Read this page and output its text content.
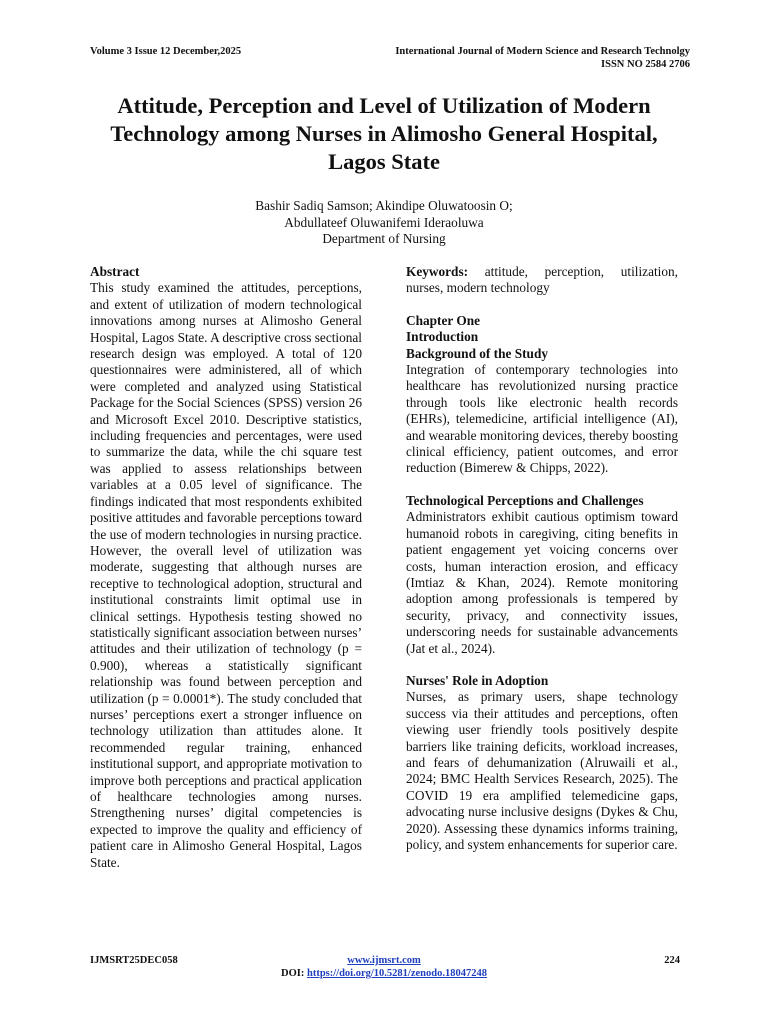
Volume 3 Issue 12 December,2025	International Journal of Modern Science and Research Technolgy
ISSN NO 2584 2706
Attitude, Perception and Level of Utilization of Modern
Technology among Nurses in Alimosho General Hospital,
Lagos State
Bashir Sadiq Samson; Akindipe Oluwatoosin O;
Abdullateef Oluwanifemi Ideraoluwa
Department of Nursing
Abstract

This study examined the attitudes, perceptions, and extent of utilization of modern technological innovations among nurses at Alimosho General Hospital, Lagos State. A descriptive cross sectional research design was employed. A total of 120 questionnaires were administered, all of which were completed and analyzed using Statistical Package for the Social Sciences (SPSS) version 26 and Microsoft Excel 2010. Descriptive statistics, including frequencies and percentages, were used to summarize the data, while the chi square test was applied to assess relationships between variables at a 0.05 level of significance. The findings indicated that most respondents exhibited positive attitudes and favorable perceptions toward the use of modern technologies in nursing practice. However, the overall level of utilization was moderate, suggesting that although nurses are receptive to technological adoption, structural and institutional constraints limit optimal use in clinical settings. Hypothesis testing showed no statistically significant association between nurses’ attitudes and their utilization of technology (p = 0.900), whereas a statistically significant relationship was found between perception and utilization (p = 0.0001*). The study concluded that nurses’ perceptions exert a stronger influence on technology utilization than attitudes alone. It recommended regular training, enhanced institutional support, and appropriate motivation to improve both perceptions and practical application of healthcare technologies among nurses. Strengthening nurses’ digital competencies is expected to improve the quality and efficiency of patient care in Alimosho General Hospital, Lagos State.

Keywords: attitude, perception, utilization, nurses, modern technology

Chapter One
Introduction
Background of the Study

Integration of contemporary technologies into healthcare has revolutionized nursing practice through tools like electronic health records (EHRs), telemedicine, artificial intelligence (AI), and wearable monitoring devices, thereby boosting clinical efficiency, patient outcomes, and error reduction (Bimerew & Chipps, 2022).

Technological Perceptions and Challenges

Administrators exhibit cautious optimism toward humanoid robots in caregiving, citing benefits in patient engagement yet voicing concerns over costs, human interaction erosion, and efficacy (Imtiaz & Khan, 2024). Remote monitoring adoption among professionals is tempered by security, privacy, and connectivity issues, underscoring needs for sustainable advancements (Jat et al., 2024).

Nurses' Role in Adoption

Nurses, as primary users, shape technology success via their attitudes and perceptions, often viewing user friendly tools positively despite barriers like training deficits, workload increases, and fears of dehumanization (Alruwaili et al., 2024; BMC Health Services Research, 2025). The COVID 19 era amplified telemedicine gaps, advocating nurse inclusive designs (Dykes & Chu, 2020). Assessing these dynamics informs training, policy, and system enhancements for superior care.

IJMSRT25DEC058	www.ijmsrt.com
DOI: https://doi.org/10.5281/zenodo.18047248
224
